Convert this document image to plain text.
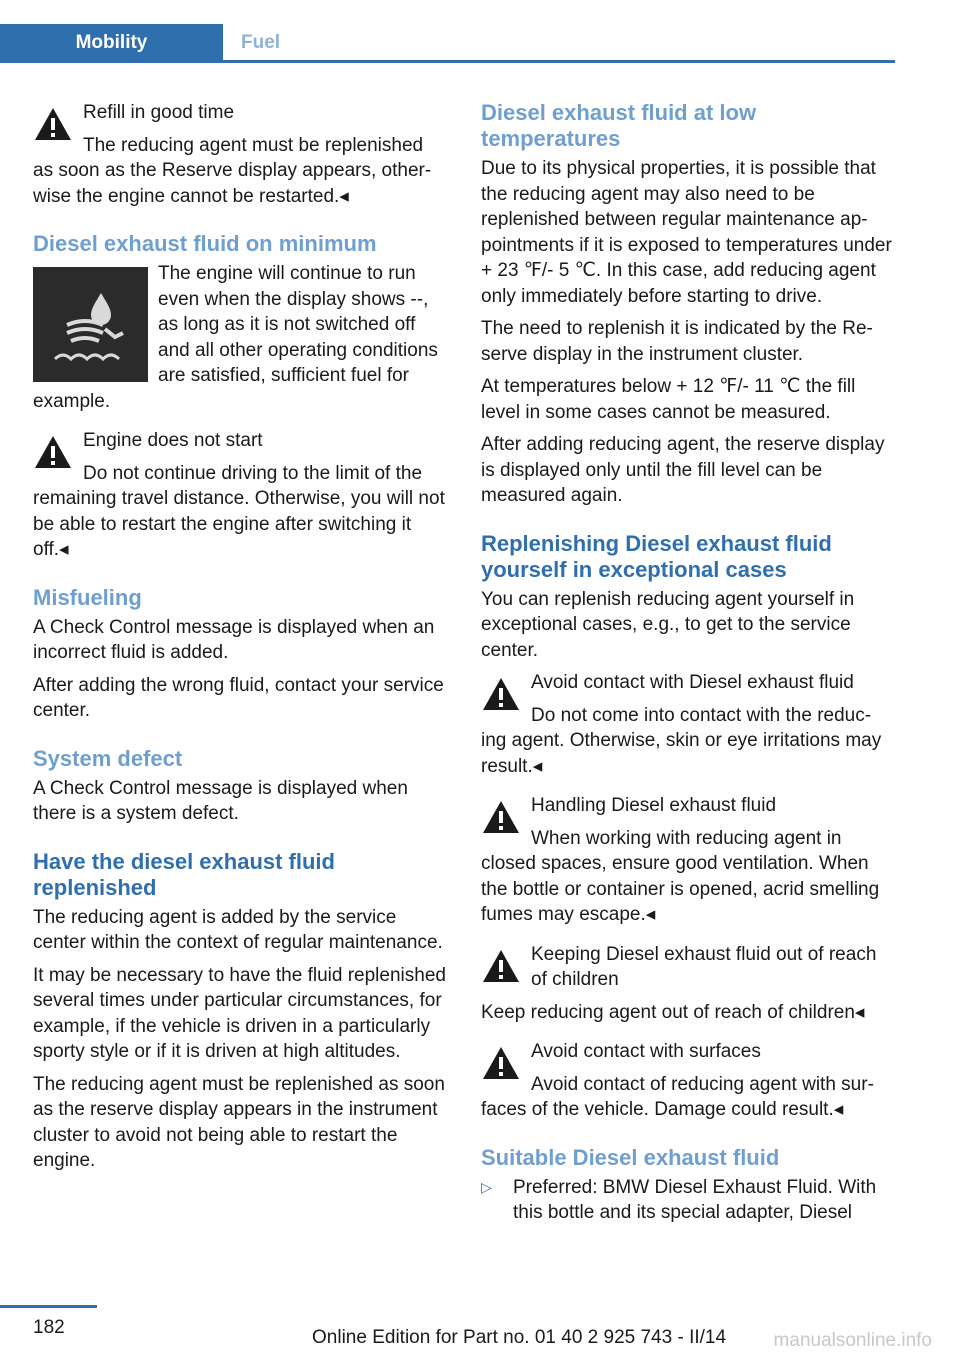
Mobility	Fuel
Refill in good time
The reducing agent must be replenished
as soon as the Reserve display appears, otherwise the engine cannot be restarted.◂
Diesel exhaust fluid on minimum
The engine will continue to run even when the display shows --, as long as it is not switched off and all other operating conditions are satisfied, sufficient fuel for example.
Engine does not start
Do not continue driving to the limit of the
remaining travel distance. Otherwise, you will not be able to restart the engine after switching it off.◂
Misfueling

A Check Control message is displayed when an incorrect fluid is added.

After adding the wrong fluid, contact your service center.

System defect

A Check Control message is displayed when there is a system defect.

Have the diesel exhaust fluid replenished

The reducing agent is added by the service center within the context of regular maintenance.

It may be necessary to have the fluid replenished several times under particular circumstances, for example, if the vehicle is driven in a particularly sporty style or if it is driven at high altitudes.

The reducing agent must be replenished as soon as the reserve display appears in the instrument cluster to avoid not being able to restart the engine.

Diesel exhaust fluid at low temperatures

Due to its physical properties, it is possible that the reducing agent may also need to be replenished between regular maintenance appointments if it is exposed to temperatures under + 23 ℉/- 5 ℃. In this case, add reducing agent only immediately before starting to drive.

The need to replenish it is indicated by the Reserve display in the instrument cluster.

At temperatures below + 12 ℉/- 11 ℃ the fill level in some cases cannot be measured.

After adding reducing agent, the reserve display is displayed only until the fill level can be measured again.

Replenishing Diesel exhaust fluid yourself in exceptional cases

You can replenish reducing agent yourself in exceptional cases, e.g., to get to the service center.

Avoid contact with Diesel exhaust fluid
Do not come into contact with the reduc-
ing agent. Otherwise, skin or eye irritations may result.◂
Handling Diesel exhaust fluid
When working with reducing agent in
closed spaces, ensure good ventilation. When the bottle or container is opened, acrid smelling fumes may escape.◂
Keeping Diesel exhaust fluid out of reach of children
Keep reducing agent out of reach of children◂
Avoid contact with surfaces
Avoid contact of reducing agent with sur-
faces of the vehicle. Damage could result.◂
Suitable Diesel exhaust fluid
▷ Preferred: BMW Diesel Exhaust Fluid. With this bottle and its special adapter, Diesel
182	Online Edition for Part no. 01 40 2 925 743 - II/14 manualsonline.info
